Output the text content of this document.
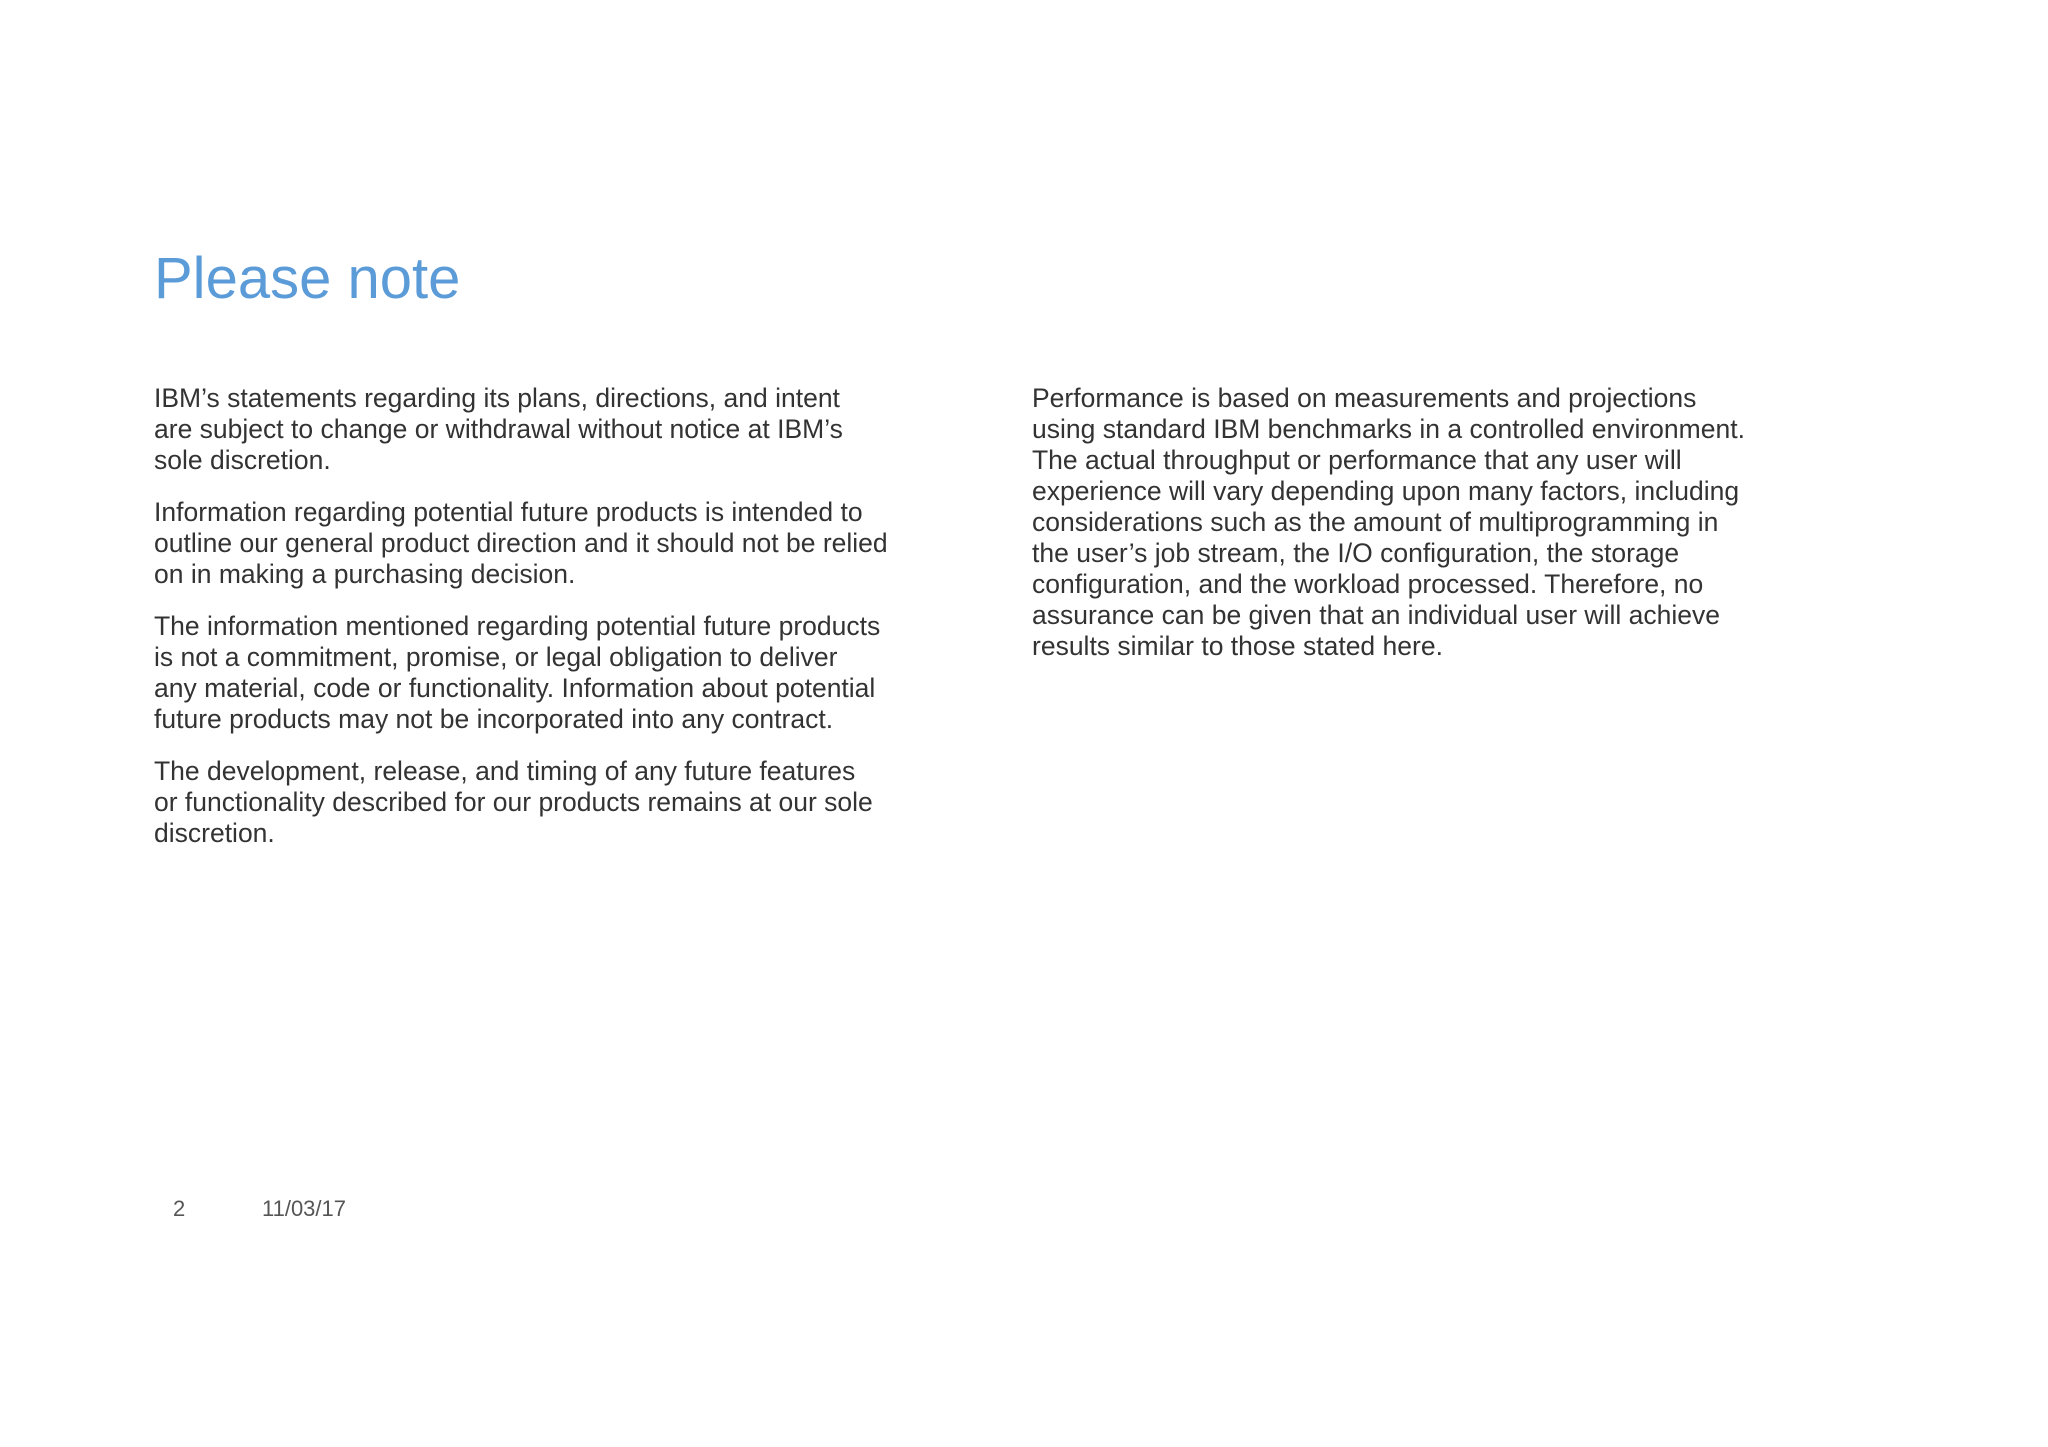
Please note

IBM’s statements regarding its plans, directions, and intent
are subject to change or withdrawal without notice at IBM’s
sole discretion.

Information regarding potential future products is intended to
outline our general product direction and it should not be relied
on in making a purchasing decision.

The information mentioned regarding potential future products
is not a commitment, promise, or legal obligation to deliver
any material, code or functionality. Information about potential
future products may not be incorporated into any contract.

The development, release, and timing of any future features
or functionality described for our products remains at our sole
discretion.

Performance is based on measurements and projections
using standard IBM benchmarks in a controlled environment.
The actual throughput or performance that any user will
experience will vary depending upon many factors, including
considerations such as the amount of multiprogramming in
the user’s job stream, the I/O configuration, the storage
configuration, and the workload processed. Therefore, no
assurance can be given that an individual user will achieve
results similar to those stated here.

2	11/03/17
